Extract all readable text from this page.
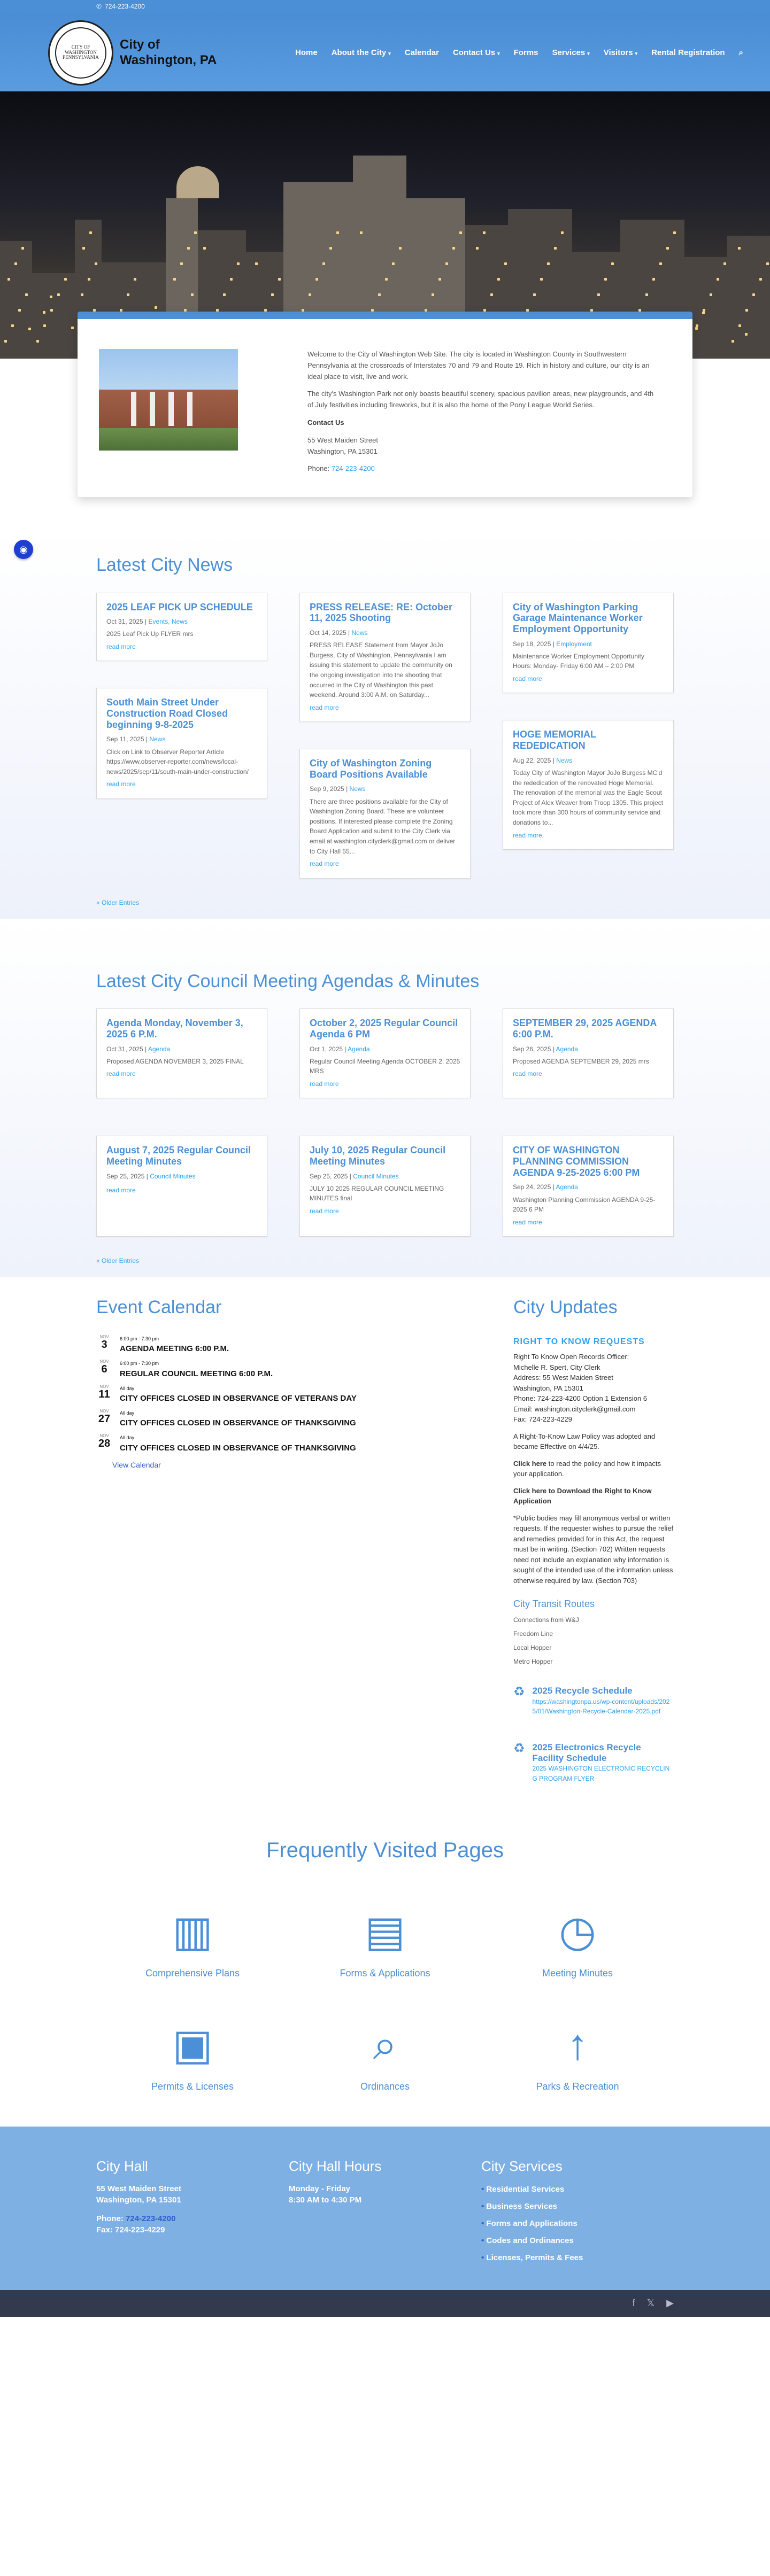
✆ 724-223-4200
CITY OF WASHINGTON PENNSYLVANIA
City of
Washington, PA
Home About the City ▾ Calendar Contact Us ▾ Forms Services ▾ Visitors ▾ Rental Registration ⌕

Welcome to the City of Washington Web Site. The city is located in Washington County in Southwestern Pennsylvania at the crossroads of Interstates 70 and 79 and Route 19. Rich in history and culture, our city is an ideal place to visit, live and work.

The city's Washington Park not only boasts beautiful scenery, spacious pavilion areas, new playgrounds, and 4th of July festivities including fireworks, but it is also the home of the Pony League World Series.

Contact Us

55 West Maiden Street
Washington, PA 15301

Phone: 724-223-4200

◉
Latest City News
2025 LEAF PICK UP SCHEDULE
Oct 31, 2025 | Events, News

2025 Leaf Pick Up FLYER mrs

read more
South Main Street Under Construction Road Closed beginning 9-8-2025
Sep 11, 2025 | News

Click on Link to Observer Reporter Article https://www.observer-reporter.com/news/local-news/2025/sep/11/south-main-under-construction/

read more
PRESS RELEASE: RE: October 11, 2025 Shooting
Oct 14, 2025 | News

PRESS RELEASE Statement from Mayor JoJo Burgess, City of Washington, Pennsylvania I am issuing this statement to update the community on the ongoing investigation into the shooting that occurred in the City of Washington this past weekend. Around 3:00 A.M. on Saturday...

read more
City of Washington Zoning Board Positions Available
Sep 9, 2025 | News

There are three positions available for the City of Washington Zoning Board. These are volunteer positions. If interested please complete the Zoning Board Application and submit to the City Clerk via email at washington.cityclerk@gmail.com or deliver to City Hall 55...

read more
City of Washington Parking Garage Maintenance Worker Employment Opportunity
Sep 18, 2025 | Employment

Maintenance Worker Employment Opportunity Hours: Monday- Friday 6:00 AM – 2:00 PM

read more
HOGE MEMORIAL REDEDICATION
Aug 22, 2025 | News

Today City of Washington Mayor JoJo Burgess MC'd the rededication of the renovated Hoge Memorial. The renovation of the memorial was the Eagle Scout Project of Alex Weaver from Troop 1305. This project took more than 300 hours of community service and donations to...

read more
« Older Entries
Latest City Council Meeting Agendas & Minutes
Agenda Monday, November 3, 2025 6 P.M.
Oct 31, 2025 | Agenda

Proposed AGENDA NOVEMBER 3, 2025 FINAL

read more
October 2, 2025 Regular Council Agenda 6 PM
Oct 1, 2025 | Agenda

Regular Council Meeting Agenda OCTOBER 2, 2025 MRS

read more
SEPTEMBER 29, 2025 AGENDA 6:00 P.M.
Sep 26, 2025 | Agenda

Proposed AGENDA SEPTEMBER 29, 2025 mrs

read more
August 7, 2025 Regular Council Meeting Minutes
Sep 25, 2025 | Council Minutes
read more
July 10, 2025 Regular Council Meeting Minutes
Sep 25, 2025 | Council Minutes

JULY 10 2025 REGULAR COUNCIL MEETING MINUTES final

read more
CITY OF WASHINGTON PLANNING COMMISSION AGENDA 9-25-2025 6:00 PM
Sep 24, 2025 | Agenda

Washington Planning Commission AGENDA 9-25-2025 6 PM

read more
« Older Entries
Event Calendar
NOV
3	6:00 pm - 7:30 pm
AGENDA MEETING 6:00 P.M.
NOV
6	6:00 pm - 7:30 pm
REGULAR COUNCIL MEETING 6:00 P.M.
NOV
11	All day
CITY OFFICES CLOSED IN OBSERVANCE OF VETERANS DAY
NOV
27	All day
CITY OFFICES CLOSED IN OBSERVANCE OF THANKSGIVING
NOV
28	All day
CITY OFFICES CLOSED IN OBSERVANCE OF THANKSGIVING
View Calendar
City Updates
RIGHT TO KNOW REQUESTS

Right To Know Open Records Officer:
Michelle R. Spert, City Clerk
Address: 55 West Maiden Street
Washington, PA 15301
Phone: 724-223-4200 Option 1 Extension 6
Email: washington.cityclerk@gmail.com
Fax: 724-223-4229

A Right-To-Know Law Policy was adopted and became Effective on 4/4/25.

Click here to read the policy and how it impacts your application.

Click here to Download the Right to Know Application

*Public bodies may fill anonymous verbal or written requests. If the requester wishes to pursue the relief and remedies provided for in this Act, the request must be in writing. (Section 702) Written requests need not include an explanation why information is sought of the intended use of the information unless otherwise required by law. (Section 703)

City Transit Routes

Connections from W&J

Freedom Line

Local Hopper

Metro Hopper

♻ 2025 Recycle Schedule

https://washingtonpa.us/wp-content/uploads/2025/01/Washington-Recycle-Calendar-2025.pdf

♻ 2025 Electronics Recycle Facility Schedule

2025 WASHINGTON ELECTRONIC RECYCLING PROGRAM FLYER

Frequently Visited Pages
▥
Comprehensive Plans
▤
Forms & Applications
◷
Meeting Minutes
▣
Permits & Licenses
⌕
Ordinances
↑
Parks & Recreation
City Hall

55 West Maiden Street

Washington, PA 15301

Phone: 724-223-4200

Fax: 724-223-4229

City Hall Hours

Monday - Friday

8:30 AM to 4:30 PM

City Services
• Residential Services
• Business Services
• Forms and Applications
• Codes and Ordinances
• Licenses, Permits & Fees
f 𝕏 ▶
